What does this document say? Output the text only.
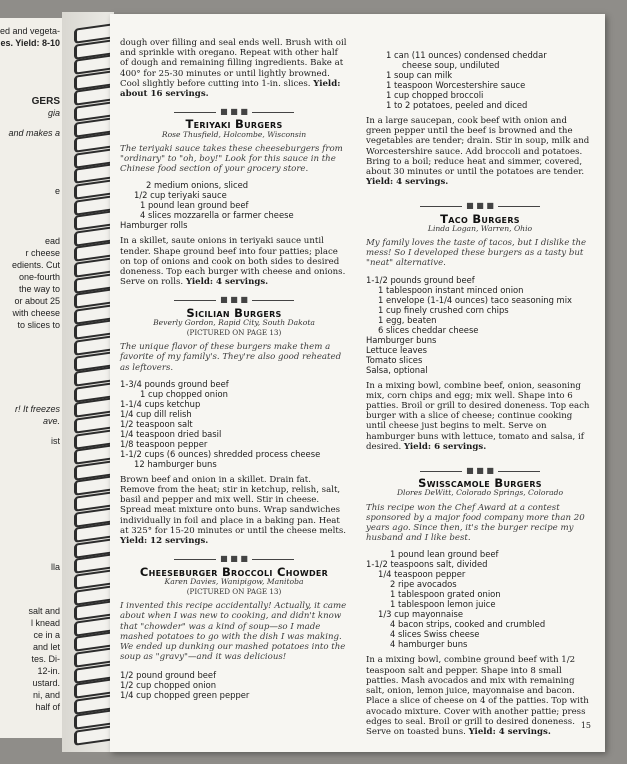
ed and vegeta-
es. Yield: 8-10
GERS
gia
and makes a
e
ead
r cheese
edients. Cut
one-fourth
the way to
or about 25
with cheese
to slices to
r! It freezes
ave.
ist
lla
salt and
l knead
ce in a
and let
tes. Di-
12-in.
ustard.
ni, and
half of

dough over filling and seal ends well. Brush with oil and sprinkle with oregano. Repeat with other half of dough and remaining filling ingredients. Bake at 400° for 25-30 minutes or until lightly browned. Cool slightly before cutting into 1-in. slices. Yield: about 16 servings.

■ ■ ■
Teriyaki Burgers

Rose Thusfield, Holcombe, Wisconsin

The teriyaki sauce takes these cheeseburgers from "ordinary" to "oh, boy!" Look for this sauce in the Chinese food section of your grocery store.

2 medium onions, sliced
1/2 cup teriyaki sauce
1 pound lean ground beef
4 slices mozzarella or farmer cheese
Hamburger rolls

In a skillet, saute onions in teriyaki sauce until tender. Shape ground beef into four patties; place on top of onions and cook on both sides to desired doneness. Top each burger with cheese and onions. Serve on rolls. Yield: 4 servings.

■ ■ ■
Sicilian Burgers

Beverly Gordon, Rapid City, South Dakota

(PICTURED ON PAGE 13)

The unique flavor of these burgers make them a favorite of my family's. They're also good reheated as leftovers.

1-3/4 pounds ground beef
1 cup chopped onion
1-1/4 cups ketchup
1/4 cup dill relish
1/2 teaspoon salt
1/4 teaspoon dried basil
1/8 teaspoon pepper
1-1/2 cups (6 ounces) shredded process cheese
12 hamburger buns

Brown beef and onion in a skillet. Drain fat. Remove from the heat; stir in ketchup, relish, salt, basil and pepper and mix well. Stir in cheese. Spread meat mixture onto buns. Wrap sandwiches individually in foil and place in a baking pan. Heat at 325° for 15-20 minutes or until the cheese melts. Yield: 12 servings.

■ ■ ■
Cheeseburger Broccoli Chowder

Karen Davies, Wanipigow, Manitoba

(PICTURED ON PAGE 13)

I invented this recipe accidentally! Actually, it came about when I was new to cooking, and didn't know that "chowder" was a kind of soup—so I made mashed potatoes to go with the dish I was making. We ended up dunking our mashed potatoes into the soup as "gravy"—and it was delicious!

1/2 pound ground beef
1/2 cup chopped onion
1/4 cup chopped green pepper
1 can (11 ounces) condensed cheddar
cheese soup, undiluted
1 soup can milk
1 teaspoon Worcestershire sauce
1 cup chopped broccoli
1 to 2 potatoes, peeled and diced

In a large saucepan, cook beef with onion and green pepper until the beef is browned and the vegetables are tender; drain. Stir in soup, milk and Worcestershire sauce. Add broccoli and potatoes. Bring to a boil; reduce heat and simmer, covered, about 30 minutes or until the potatoes are tender. Yield: 4 servings.

■ ■ ■
Taco Burgers

Linda Logan, Warren, Ohio

My family loves the taste of tacos, but I dislike the mess! So I developed these burgers as a tasty but "neat" alternative.

1-1/2 pounds ground beef
1 tablespoon instant minced onion
1 envelope (1-1/4 ounces) taco seasoning mix
1 cup finely crushed corn chips
1 egg, beaten
6 slices cheddar cheese
Hamburger buns
Lettuce leaves
Tomato slices
Salsa, optional

In a mixing bowl, combine beef, onion, seasoning mix, corn chips and egg; mix well. Shape into 6 patties. Broil or grill to desired doneness. Top each burger with a slice of cheese; continue cooking until cheese just begins to melt. Serve on hamburger buns with lettuce, tomato and salsa, if desired. Yield: 6 servings.

■ ■ ■
Swisscamole Burgers

Dlores DeWitt, Colorado Springs, Colorado

This recipe won the Chef Award at a contest sponsored by a major food company more than 20 years ago. Since then, it's the burger recipe my husband and I like best.

1 pound lean ground beef
1-1/2 teaspoons salt, divided
1/4 teaspoon pepper
2 ripe avocados
1 tablespoon grated onion
1 tablespoon lemon juice
1/3 cup mayonnaise
4 bacon strips, cooked and crumbled
4 slices Swiss cheese
4 hamburger buns

In a mixing bowl, combine ground beef with 1/2 teaspoon salt and pepper. Shape into 8 small patties. Mash avocados and mix with remaining salt, onion, lemon juice, mayonnaise and bacon. Place a slice of cheese on 4 of the patties. Top with avocado mixture. Cover with another pattie; press edges to seal. Broil or grill to desired doneness. Serve on toasted buns. Yield: 4 servings.

15
